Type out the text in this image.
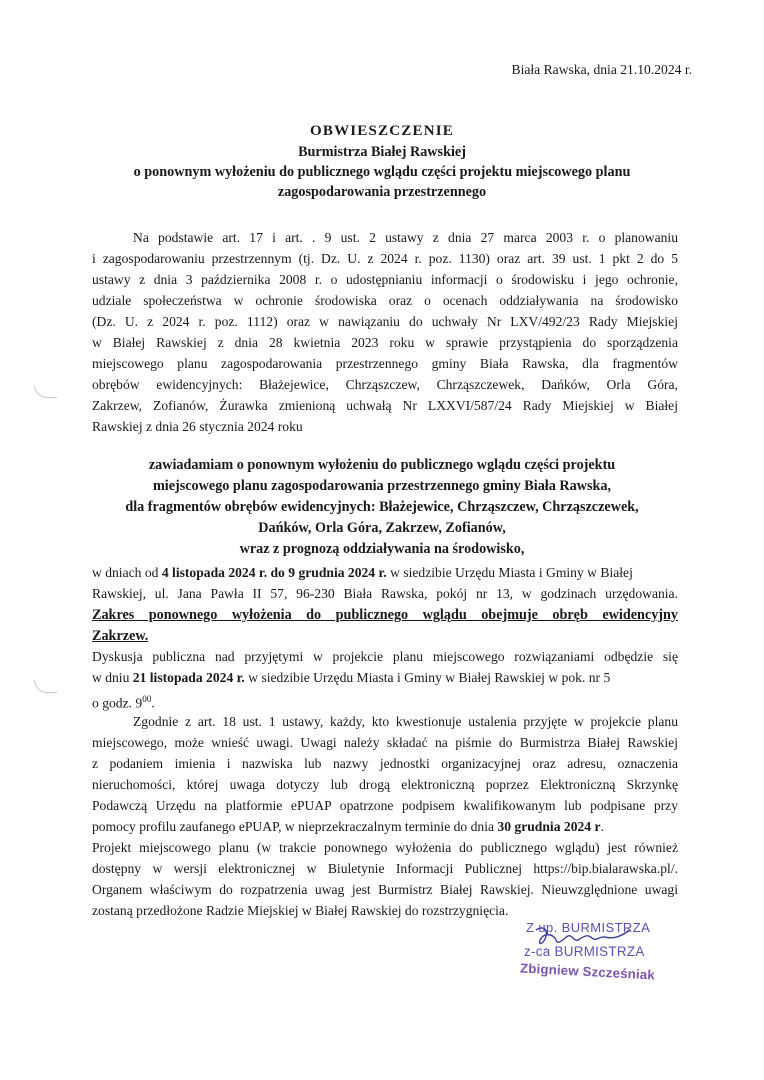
Biała Rawska, dnia 21.10.2024 r.
OBWIESZCZENIE
Burmistrza Białej Rawskiej
o ponownym wyłożeniu do publicznego wglądu części projektu miejscowego planu
zagospodarowania przestrzennego
Na podstawie art. 17 i art. . 9 ust. 2 ustawy z dnia 27 marca 2003 r. o planowaniu
i zagospodarowaniu przestrzennym (tj. Dz. U. z 2024 r. poz. 1130) oraz art. 39 ust. 1 pkt 2 do 5
ustawy z dnia 3 października 2008 r. o udostępnianiu informacji o środowisku i jego ochronie,
udziale społeczeństwa w ochronie środowiska oraz o ocenach oddziaływania na środowisko
(Dz. U. z 2024 r. poz. 1112) oraz w nawiązaniu do uchwały Nr LXV/492/23 Rady Miejskiej
w Białej Rawskiej z dnia 28 kwietnia 2023 roku w sprawie przystąpienia do sporządzenia
miejscowego planu zagospodarowania przestrzennego gminy Biała Rawska, dla fragmentów
obrębów ewidencyjnych: Błażejewice, Chrząszczew, Chrząszczewek, Dańków, Orla Góra,
Zakrzew, Zofianów, Żurawka zmienioną uchwałą Nr LXXVI/587/24 Rady Miejskiej w Białej
Rawskiej z dnia 26 stycznia 2024 roku
zawiadamiam o ponownym wyłożeniu do publicznego wglądu części projektu
miejscowego planu zagospodarowania przestrzennego gminy Biała Rawska,
dla fragmentów obrębów ewidencyjnych: Błażejewice, Chrząszczew, Chrząszczewek,
Dańków, Orla Góra, Zakrzew, Zofianów,
wraz z prognozą oddziaływania na środowisko,
w dniach od 4 listopada 2024 r. do 9 grudnia 2024 r. w siedzibie Urzędu Miasta i Gminy w Białej
Rawskiej, ul. Jana Pawła II 57, 96-230 Biała Rawska, pokój nr 13, w godzinach urzędowania.
Zakres ponownego wyłożenia do publicznego wglądu obejmuje obręb ewidencyjny
Zakrzew.
Dyskusja publiczna nad przyjętymi w projekcie planu miejscowego rozwiązaniami odbędzie się
w dniu 21 listopada 2024 r. w siedzibie Urzędu Miasta i Gminy w Białej Rawskiej w pok. nr 5
o godz. $9^{00}$.
Zgodnie z art. 18 ust. 1 ustawy, każdy, kto kwestionuje ustalenia przyjęte w projekcie planu
miejscowego, może wnieść uwagi. Uwagi należy składać na piśmie do Burmistrza Białej Rawskiej
z podaniem imienia i nazwiska lub nazwy jednostki organizacyjnej oraz adresu, oznaczenia
nieruchomości, której uwaga dotyczy lub drogą elektroniczną poprzez Elektroniczną Skrzynkę
Podawczą Urzędu na platformie ePUAP opatrzone podpisem kwalifikowanym lub podpisane przy
pomocy profilu zaufanego ePUAP, w nieprzekraczalnym terminie do dnia 30 grudnia 2024 r.
Projekt miejscowego planu (w trakcie ponownego wyłożenia do publicznego wglądu) jest również
dostępny w wersji elektronicznej w Biuletynie Informacji Publicznej https://bip.bialarawska.pl/.
Organem właściwym do rozpatrzenia uwag jest Burmistrz Białej Rawskiej. Nieuwzględnione uwagi
zostaną przedłożone Radzie Miejskiej w Białej Rawskiej do rozstrzygnięcia.
Z up. BURMISTRZA
z-ca BURMISTRZA
Zbigniew Szcześniak
